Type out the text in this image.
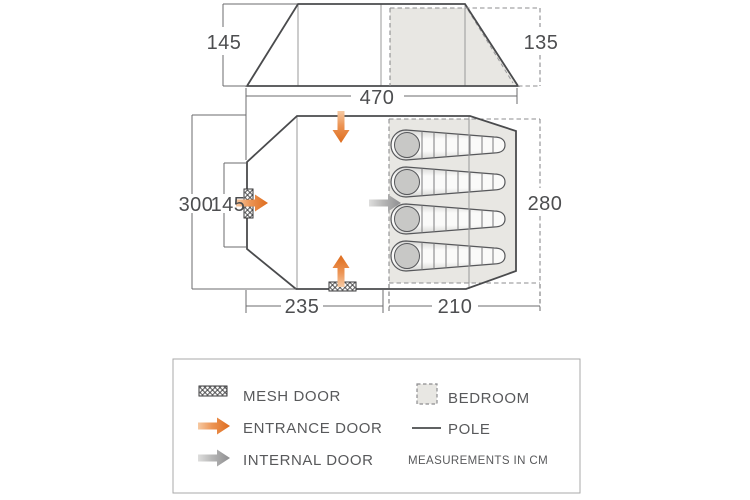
145	135
470
300
145
235	210
280
MESH DOOR
ENTRANCE DOOR
INTERNAL DOOR
BEDROOM
POLE
MEASUREMENTS IN CM
